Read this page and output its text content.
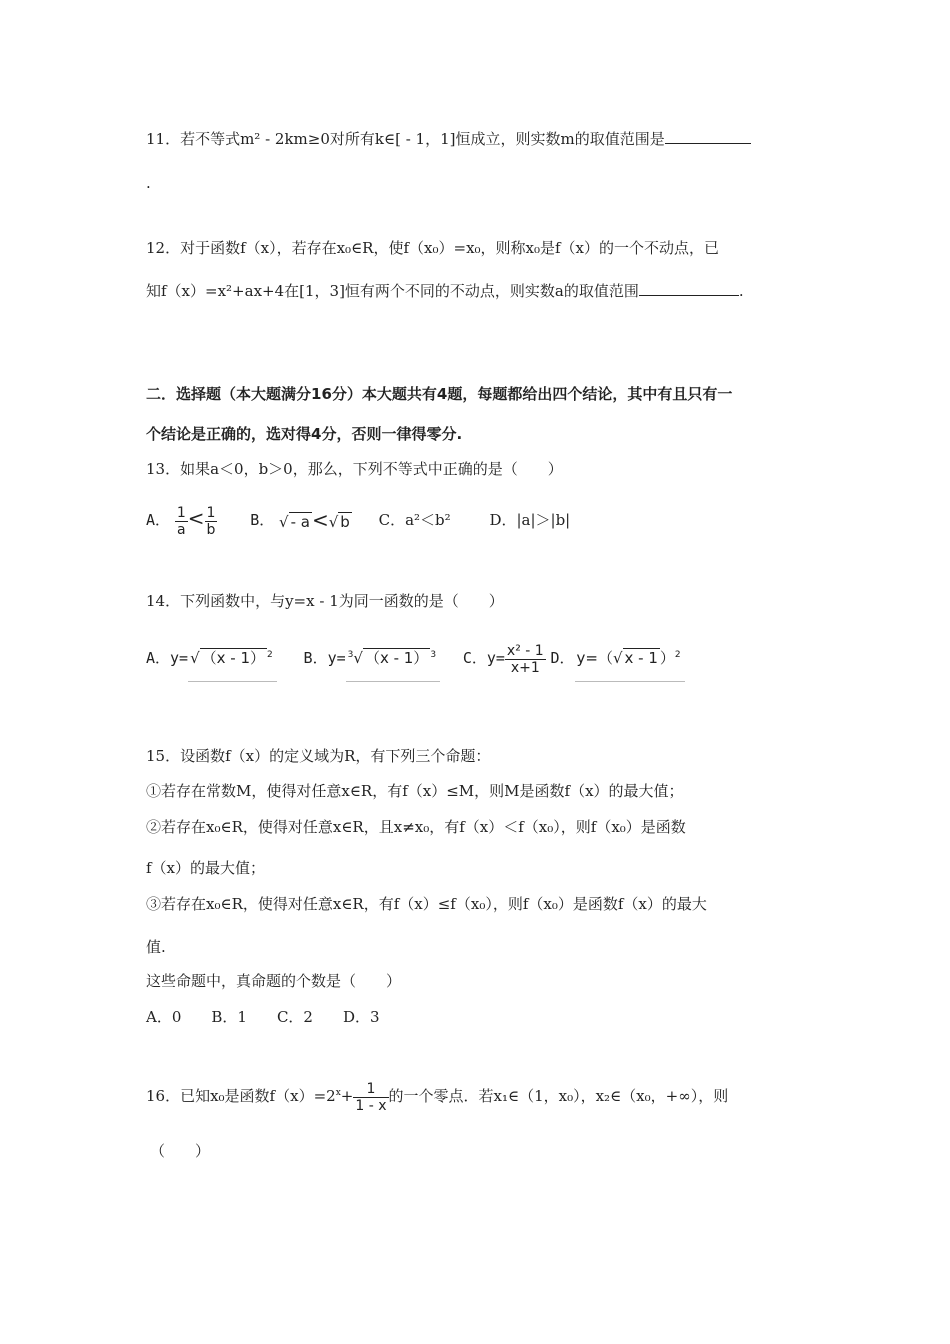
11．若不等式m² - 2km≥0对所有k∈[ - 1，1]恒成立，则实数m的取值范围是
.
12．对于函数f（x），若存在x₀∈R，使f（x₀）=x₀，则称x₀是f（x）的一个不动点，已
知f（x）=x²+ax+4在[1，3]恒有两个不同的不动点，则实数a的取值范围	.
二．选择题（本大题满分16分）本大题共有4题，每题都给出四个结论，其中有且只有一
个结论是正确的，选对得4分，否则一律得零分.
13．如果a＜0，b＞0，那么，下列不等式中正确的是（　　）
A． $\frac{1}{a} < \frac{1}{b}$ B． √ - a <√ b C．a²＜b²	D．|a|＞|b|
14．下列函数中，与y=x - 1为同一函数的是（　　）
A．y= √ （x - 1） $^2$ B．y= $^3$√ （x - 1） $^3$ C．$y= \frac{\text{x² - 1}}{x+1}$ D． y=（√ x - 1 ）$^2$
15．设函数f（x）的定义域为R，有下列三个命题：
①若存在常数M，使得对任意x∈R，有f（x）≤M，则M是函数f（x）的最大值；
②若存在x₀∈R，使得对任意x∈R，且x≠x₀，有f（x）＜f（x₀），则f（x₀）是函数
f（x）的最大值；
③若存在x₀∈R，使得对任意x∈R，有f（x）≤f（x₀），则f（x₀）是函数f（x）的最大
值.
这些命题中，真命题的个数是（　　）
A．0　　B．1　　C．2　　D．3
16．已知x₀是函数$f(x)=2^x+ \frac{1}{1 - x}$ 的一个零点．若x₁∈（1，x₀），x₂∈（x₀，+∞），则
（　　）
